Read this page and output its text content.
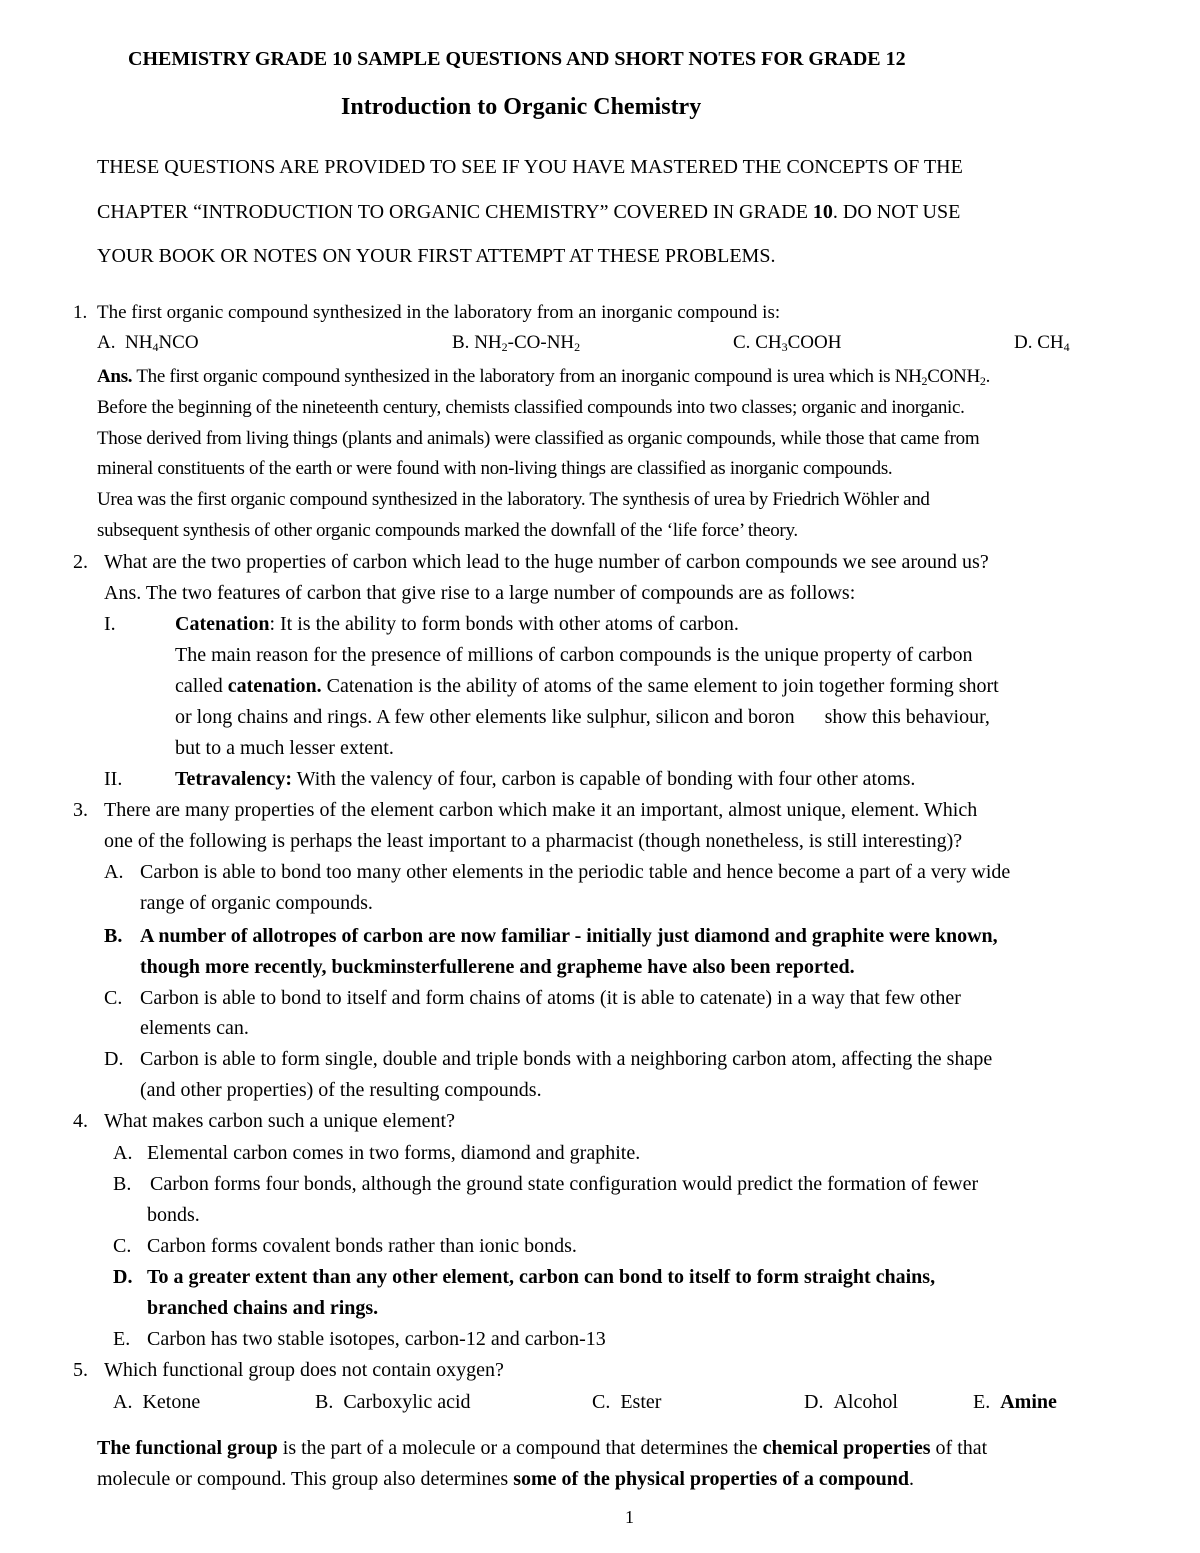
CHEMISTRY GRADE 10 SAMPLE QUESTIONS AND SHORT NOTES FOR GRADE 12
Introduction to Organic Chemistry
THESE QUESTIONS ARE PROVIDED TO SEE IF YOU HAVE MASTERED THE CONCEPTS OF THE
CHAPTER “INTRODUCTION TO ORGANIC CHEMISTRY” COVERED IN GRADE 10. DO NOT USE
YOUR BOOK OR NOTES ON YOUR FIRST ATTEMPT AT THESE PROBLEMS.
1. The first organic compound synthesized in the laboratory from an inorganic compound is:
A. $NH_4NCO$	B. $NH_2-CO-NH_2$	C. $CH_3COOH$	D. $CH_4$
Ans. The first organic compound synthesized in the laboratory from an inorganic compound is urea which is $NH_2CONH_2$.
Before the beginning of the nineteenth century, chemists classified compounds into two classes; organic and inorganic.
Those derived from living things (plants and animals) were classified as organic compounds, while those that came from
mineral constituents of the earth or were found with non-living things are classified as inorganic compounds.
Urea was the first organic compound synthesized in the laboratory. The synthesis of urea by Friedrich Wöhler and
subsequent synthesis of other organic compounds marked the downfall of the ‘life force’ theory.
2. What are the two properties of carbon which lead to the huge number of carbon compounds we see around us?
Ans. The two features of carbon that give rise to a large number of compounds are as follows:
I.	Catenation: It is the ability to form bonds with other atoms of carbon.
The main reason for the presence of millions of carbon compounds is the unique property of carbon
called catenation. Catenation is the ability of atoms of the same element to join together forming short
or long chains and rings. A few other elements like sulphur, silicon and boron      show this behaviour,
but to a much lesser extent.
II.	Tetravalency: With the valency of four, carbon is capable of bonding with four other atoms.
3. There are many properties of the element carbon which make it an important, almost unique, element. Which
one of the following is perhaps the least important to a pharmacist (though nonetheless, is still interesting)?
A. Carbon is able to bond too many other elements in the periodic table and hence become a part of a very wide
range of organic compounds.
B. A number of allotropes of carbon are now familiar - initially just diamond and graphite were known,
though more recently, buckminsterfullerene and grapheme have also been reported.
C. Carbon is able to bond to itself and form chains of atoms (it is able to catenate) in a way that few other
elements can.
D. Carbon is able to form single, double and triple bonds with a neighboring carbon atom, affecting the shape
(and other properties) of the resulting compounds.
4. What makes carbon such a unique element?
A. Elemental carbon comes in two forms, diamond and graphite.
B. Carbon forms four bonds, although the ground state configuration would predict the formation of fewer
bonds.
C. Carbon forms covalent bonds rather than ionic bonds.
D. To a greater extent than any other element, carbon can bond to itself to form straight chains,
branched chains and rings.
E. Carbon has two stable isotopes, carbon-12 and carbon-13
5. Which functional group does not contain oxygen?
A. Ketone	B. Carboxylic acid	C. Ester	D. Alcohol	E. Amine
The functional group is the part of a molecule or a compound that determines the chemical properties of that
molecule or compound. This group also determines some of the physical properties of a compound.
1
